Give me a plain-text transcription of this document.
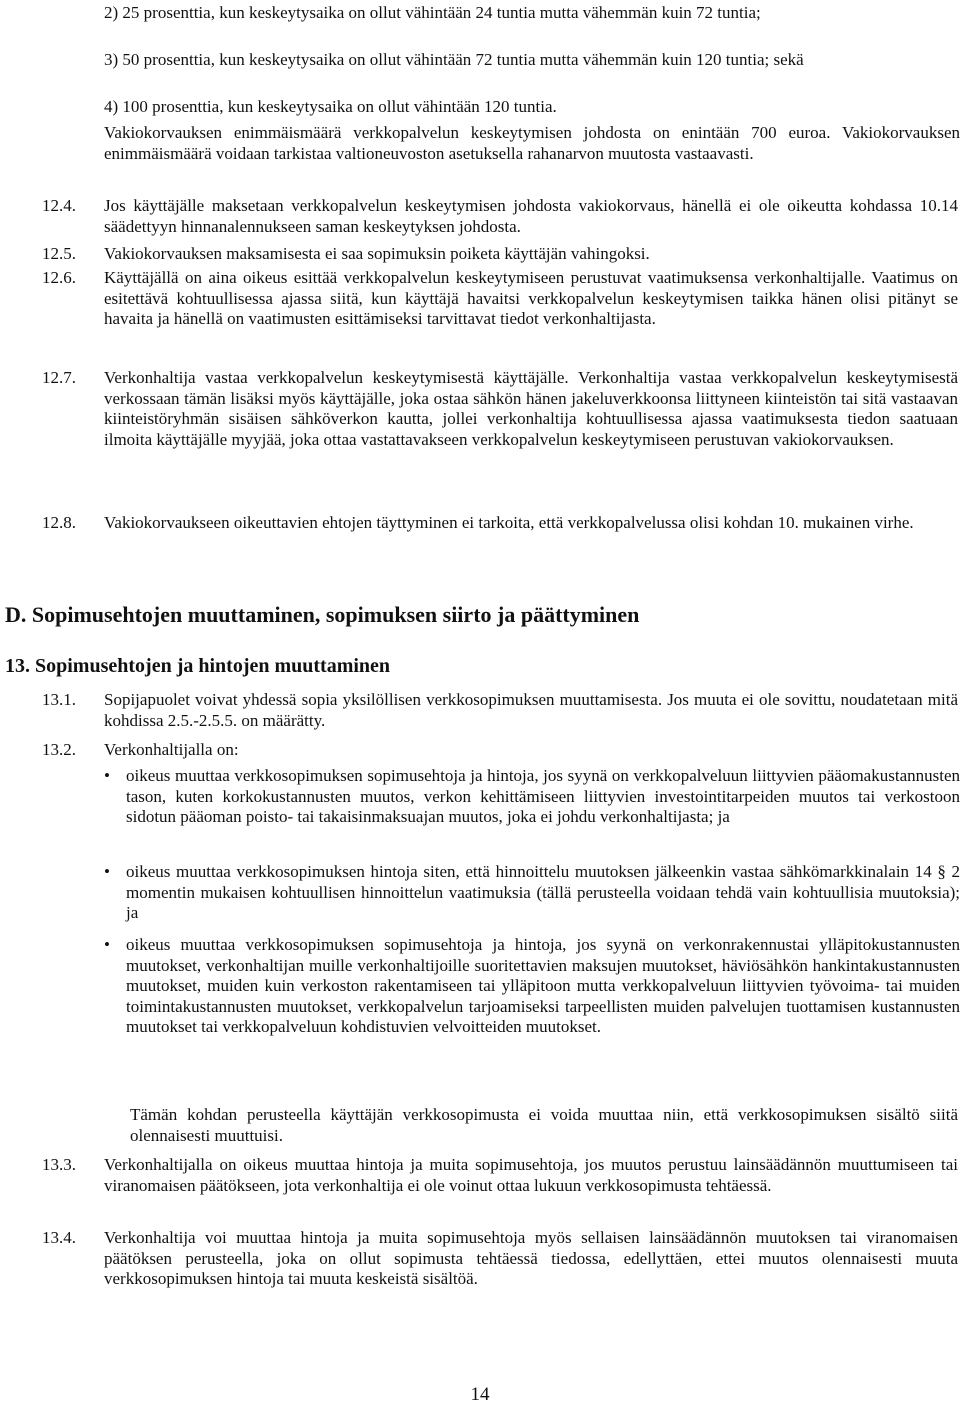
2) 25 prosenttia, kun keskeytysaika on ollut vähintään 24 tuntia mutta vähemmän kuin 72 tuntia;
3) 50 prosenttia, kun keskeytysaika on ollut vähintään 72 tuntia mutta vähemmän kuin 120 tuntia; sekä
4) 100 prosenttia, kun keskeytysaika on ollut vähintään 120 tuntia.
Vakiokorvauksen enimmäismäärä verkkopalvelun keskeytymisen johdosta on enintään 700 euroa. Vakiokorvauksen enimmäismäärä voidaan tarkistaa valtioneuvoston asetuksella rahanarvon muutosta vastaavasti.
12.4. Jos käyttäjälle maksetaan verkkopalvelun keskeytymisen johdosta vakiokorvaus, hänellä ei ole oikeutta kohdassa 10.14 säädettyyn hinnanalennukseen saman keskeytyksen johdosta.
12.5. Vakiokorvauksen maksamisesta ei saa sopimuksin poiketa käyttäjän vahingoksi.
12.6. Käyttäjällä on aina oikeus esittää verkkopalvelun keskeytymiseen perustuvat vaatimuksensa verkonhaltijalle. Vaatimus on esitettävä kohtuullisessa ajassa siitä, kun käyttäjä havaitsi verkkopalvelun keskeytymisen taikka hänen olisi pitänyt se havaita ja hänellä on vaatimusten esittämiseksi tarvittavat tiedot verkonhaltijasta.
12.7. Verkonhaltija vastaa verkkopalvelun keskeytymisestä käyttäjälle. Verkonhaltija vastaa verkkopalvelun keskeytymisestä verkossaan tämän lisäksi myös käyttäjälle, joka ostaa sähkön hänen jakeluverkkoonsa liittyneen kiinteistön tai sitä vastaavan kiinteistöryhmän sisäisen sähköverkon kautta, jollei verkonhaltija kohtuullisessa ajassa vaatimuksesta tiedon saatuaan ilmoita käyttäjälle myyjää, joka ottaa vastattavakseen verkkopalvelun keskeytymiseen perustuvan vakiokorvauksen.
12.8. Vakiokorvaukseen oikeuttavien ehtojen täyttyminen ei tarkoita, että verkkopalvelussa olisi kohdan 10. mukainen virhe.
D. Sopimusehtojen muuttaminen, sopimuksen siirto ja päättyminen
13. Sopimusehtojen ja hintojen muuttaminen
13.1. Sopijapuolet voivat yhdessä sopia yksilöllisen verkkosopimuksen muuttamisesta. Jos muuta ei ole sovittu, noudatetaan mitä kohdissa 2.5.-2.5.5. on määrätty.
13.2. Verkonhaltijalla on:
• oikeus muuttaa verkkosopimuksen sopimusehtoja ja hintoja, jos syynä on verkkopalveluun liittyvien pääomakustannusten tason, kuten korkokustannusten muutos, verkon kehittämiseen liittyvien investointitarpeiden muutos tai verkostoon sidotun pääoman poisto- tai takaisinmaksuajan muutos, joka ei johdu verkonhaltijasta; ja
• oikeus muuttaa verkkosopimuksen hintoja siten, että hinnoittelu muutoksen jälkeenkin vastaa sähkömarkkinalain 14 § 2 momentin mukaisen kohtuullisen hinnoittelun vaatimuksia (tällä perusteella voidaan tehdä vain kohtuullisia muutoksia); ja
• oikeus muuttaa verkkosopimuksen sopimusehtoja ja hintoja, jos syynä on verkonrakennustai ylläpitokustannusten muutokset, verkonhaltijan muille verkonhaltijoille suoritettavien maksujen muutokset, häviösähkön hankintakustannusten muutokset, muiden kuin verkoston rakentamiseen tai ylläpitoon mutta verkkopalveluun liittyvien työvoima- tai muiden toimintakustannusten muutokset, verkkopalvelun tarjoamiseksi tarpeellisten muiden palvelujen tuottamisen kustannusten muutokset tai verkkopalveluun kohdistuvien velvoitteiden muutokset.
Tämän kohdan perusteella käyttäjän verkkosopimusta ei voida muuttaa niin, että verkkosopimuksen sisältö siitä olennaisesti muuttuisi.
13.3. Verkonhaltijalla on oikeus muuttaa hintoja ja muita sopimusehtoja, jos muutos perustuu lainsäädännön muuttumiseen tai viranomaisen päätökseen, jota verkonhaltija ei ole voinut ottaa lukuun verkkosopimusta tehtäessä.
13.4. Verkonhaltija voi muuttaa hintoja ja muita sopimusehtoja myös sellaisen lainsäädännön muutoksen tai viranomaisen päätöksen perusteella, joka on ollut sopimusta tehtäessä tiedossa, edellyttäen, ettei muutos olennaisesti muuta verkkosopimuksen hintoja tai muuta keskeistä sisältöä.
14
